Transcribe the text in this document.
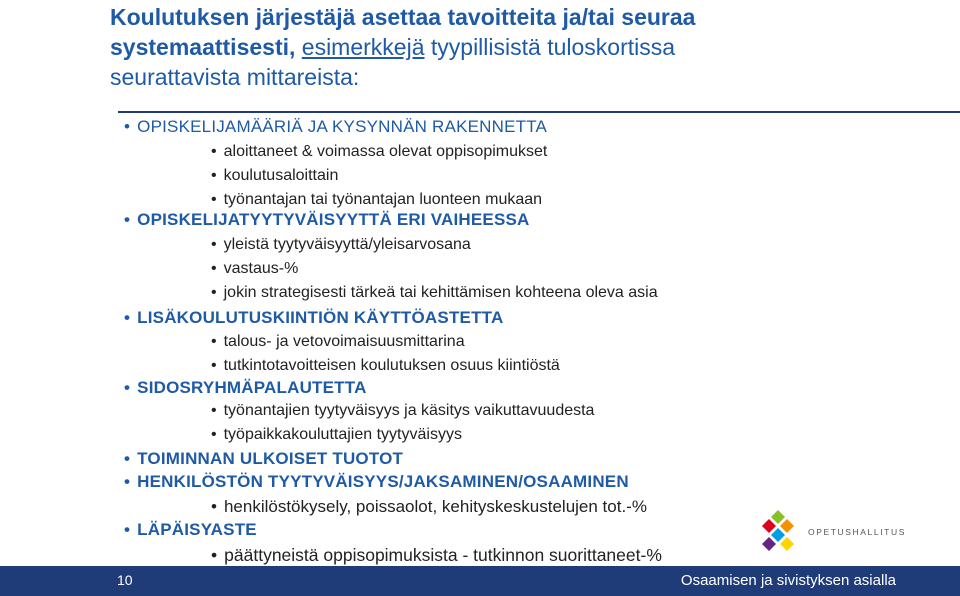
Koulutuksen järjestäjä asettaa tavoitteita ja/tai seuraa
systemaattisesti, esimerkkejä tyypillisistä tuloskortissa
seurattavista mittareista:
• OPISKELIJAMÄÄRIÄ JA KYSYNNÄN RAKENNETTA
• aloittaneet & voimassa olevat oppisopimukset
• koulutusaloittain
• työnantajan tai työnantajan luonteen mukaan
• OPISKELIJATYYTYVÄISYYTTÄ ERI VAIHEESSA
• yleistä tyytyväisyyttä/yleisarvosana
• vastaus-%
• jokin strategisesti tärkeä tai kehittämisen kohteena oleva asia
• LISÄKOULUTUSKIINTIÖN KÄYTTÖASTETTA
• talous- ja vetovoimaisuusmittarina
• tutkintotavoitteisen koulutuksen osuus kiintiöstä
• SIDOSRYHMÄPALAUTETTA
• työnantajien tyytyväisyys ja käsitys vaikuttavuudesta
• työpaikkakouluttajien tyytyväisyys
• TOIMINNAN ULKOISET TUOTOT
• HENKILÖSTÖN TYYTYVÄISYYS/JAKSAMINEN/OSAAMINEN
• henkilöstökysely, poissaolot, kehityskeskustelujen tot.-%
• LÄPÄISYASTE
• päättyneistä oppisopimuksista - tutkinnon suorittaneet-%
OPETUSHALLITUS
10	Osaamisen ja sivistyksen asialla
